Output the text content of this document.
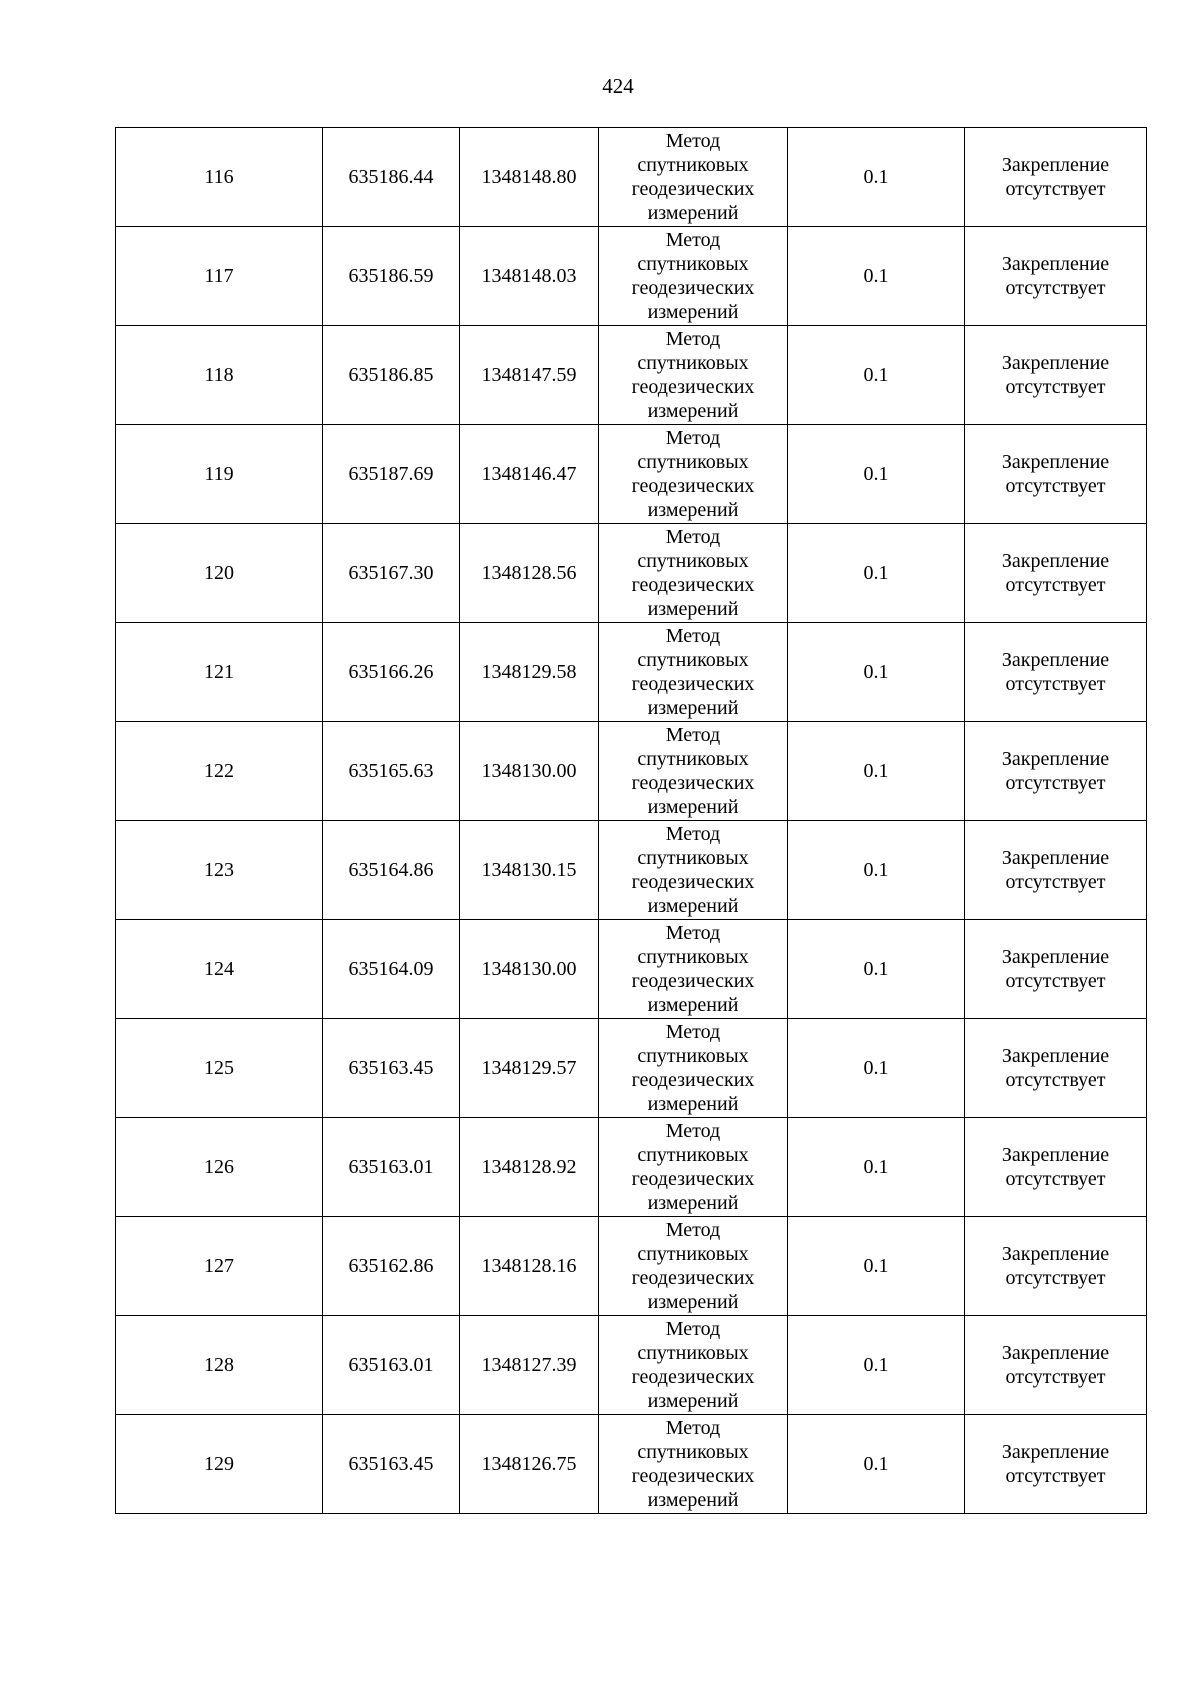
424
116	635186.44	1348148.80	Метод
спутниковых
геодезических
измерений	0.1	Закрепление
отсутствует

117	635186.59	1348148.03	Метод
спутниковых
геодезических
измерений	0.1	Закрепление
отсутствует

118	635186.85	1348147.59	Метод
спутниковых
геодезических
измерений	0.1	Закрепление
отсутствует

119	635187.69	1348146.47	Метод
спутниковых
геодезических
измерений	0.1	Закрепление
отсутствует

120	635167.30	1348128.56	Метод
спутниковых
геодезических
измерений	0.1	Закрепление
отсутствует

121	635166.26	1348129.58	Метод
спутниковых
геодезических
измерений	0.1	Закрепление
отсутствует

122	635165.63	1348130.00	Метод
спутниковых
геодезических
измерений	0.1	Закрепление
отсутствует

123	635164.86	1348130.15	Метод
спутниковых
геодезических
измерений	0.1	Закрепление
отсутствует

124	635164.09	1348130.00	Метод
спутниковых
геодезических
измерений	0.1	Закрепление
отсутствует

125	635163.45	1348129.57	Метод
спутниковых
геодезических
измерений	0.1	Закрепление
отсутствует

126	635163.01	1348128.92	Метод
спутниковых
геодезических
измерений	0.1	Закрепление
отсутствует

127	635162.86	1348128.16	Метод
спутниковых
геодезических
измерений	0.1	Закрепление
отсутствует

128	635163.01	1348127.39	Метод
спутниковых
геодезических
измерений	0.1	Закрепление
отсутствует

129	635163.45	1348126.75	Метод
спутниковых
геодезических
измерений	0.1	Закрепление
отсутствует
